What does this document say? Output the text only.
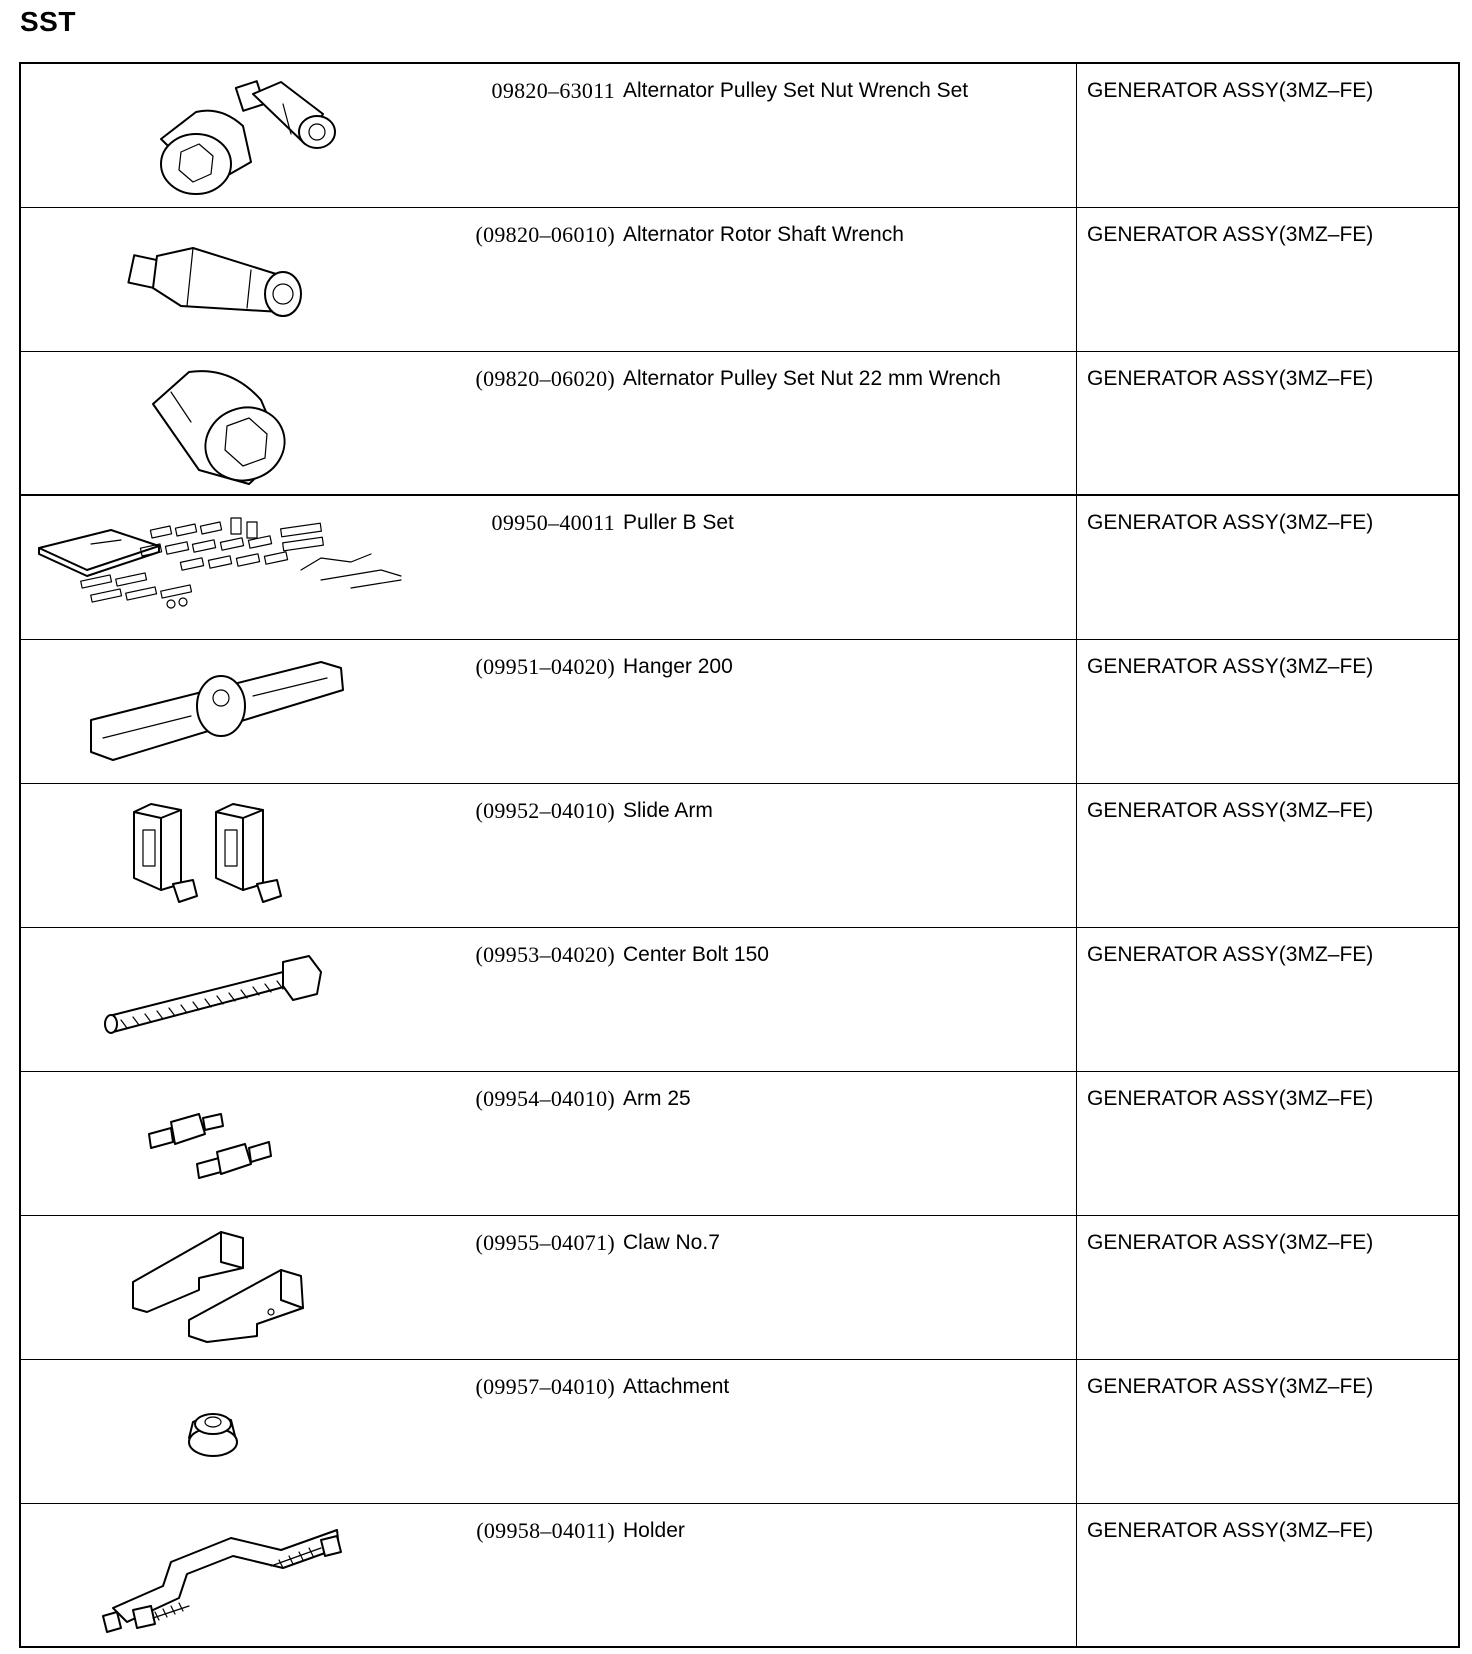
SST
09820–63011 Alternator Pulley Set Nut Wrench Set	GENERATOR ASSY(3MZ–FE)

(09820–06010) Alternator Rotor Shaft Wrench	GENERATOR ASSY(3MZ–FE)

(09820–06020) Alternator Pulley Set Nut 22 mm Wrench	GENERATOR ASSY(3MZ–FE)

09950–40011 Puller B Set	GENERATOR ASSY(3MZ–FE)

(09951–04020) Hanger 200	GENERATOR ASSY(3MZ–FE)

(09952–04010) Slide Arm	GENERATOR ASSY(3MZ–FE)

(09953–04020) Center Bolt 150	GENERATOR ASSY(3MZ–FE)

(09954–04010) Arm 25	GENERATOR ASSY(3MZ–FE)

(09955–04071) Claw No.7	GENERATOR ASSY(3MZ–FE)

(09957–04010) Attachment	GENERATOR ASSY(3MZ–FE)

(09958–04011) Holder	GENERATOR ASSY(3MZ–FE)
